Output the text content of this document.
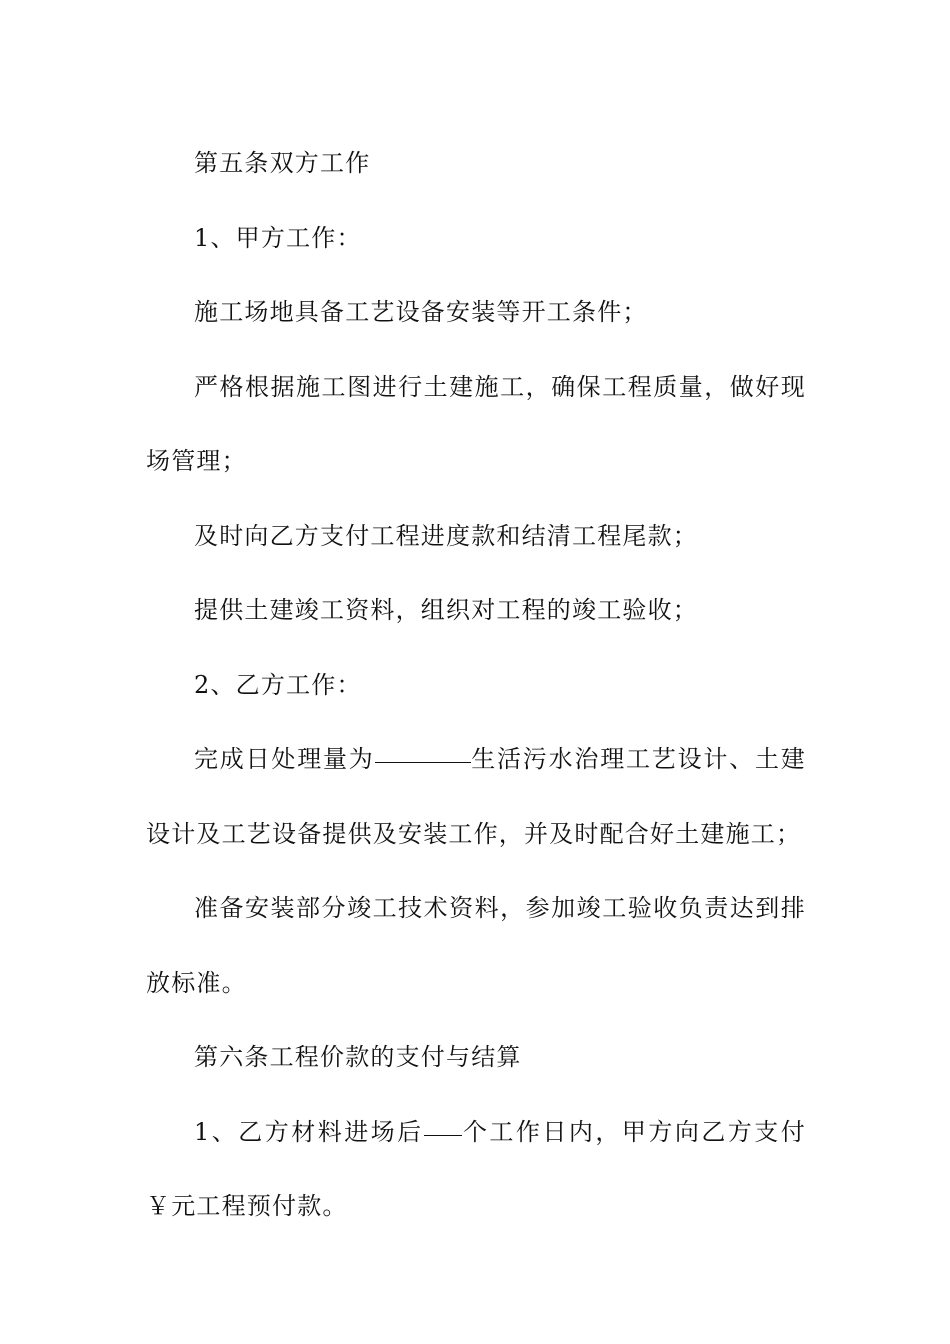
第五条双方工作

1、甲方工作：

施工场地具备工艺设备安装等开工条件；

严格根据施工图进行土建施工，确保工程质量，做好现场管理；

及时向乙方支付工程进度款和结清工程尾款；

提供土建竣工资料，组织对工程的竣工验收；

2、乙方工作：

完成日处理量为	生活污水治理工艺设计、土建设计及工艺设备提供及安装工作，并及时配合好土建施工；

准备安装部分竣工技术资料，参加竣工验收负责达到排放标准。

第六条工程价款的支付与结算

1、乙方材料进场后 个工作日内，甲方向乙方支付￥元工程预付款。
